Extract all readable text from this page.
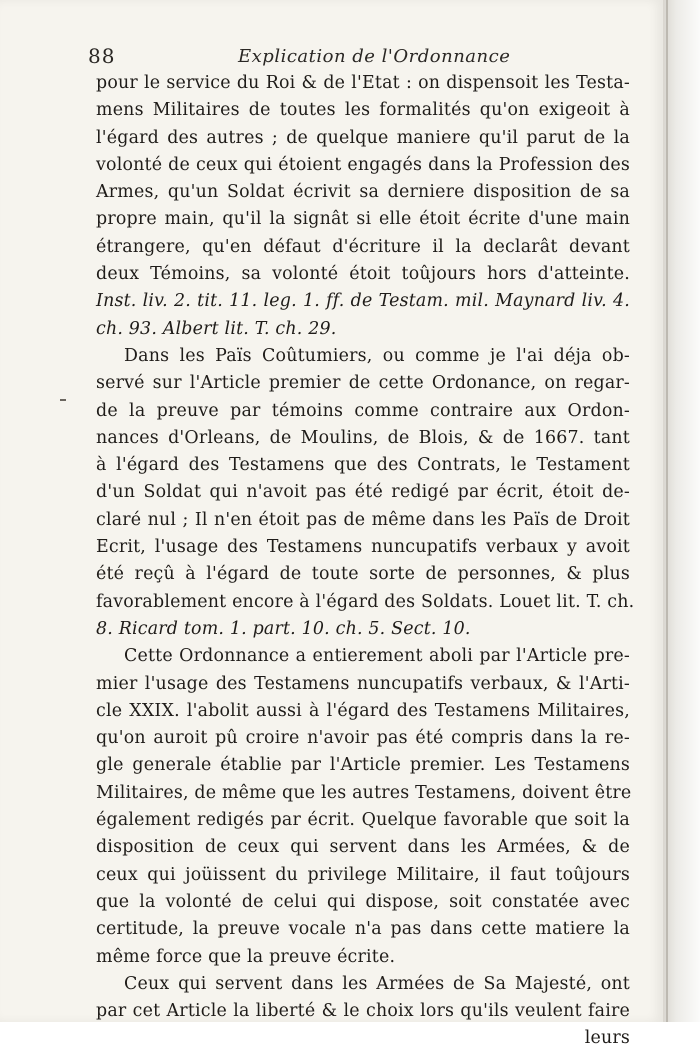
88	Explication de l'Ordonnance
pour le service du Roi & de l'Etat : on dispensoit les Testa-
mens Militaires de toutes les formalités qu'on exigeoit à
l'égard des autres ; de quelque maniere qu'il parut de la
volonté de ceux qui étoient engagés dans la Profession des
Armes, qu'un Soldat écrivit sa derniere disposition de sa
propre main, qu'il la signât si elle étoit écrite d'une main
étrangere, qu'en défaut d'écriture il la declarât devant
deux Témoins, sa volonté étoit toûjours hors d'atteinte.
Inst. liv. 2. tit. 11. leg. 1. ff. de Testam. mil. Maynard liv. 4.
ch. 93. Albert lit. T. ch. 29.
Dans les Païs Coûtumiers, ou comme je l'ai déja ob-
servé sur l'Article premier de cette Ordonance, on regar-
de la preuve par témoins comme contraire aux Ordon-
nances d'Orleans, de Moulins, de Blois, & de 1667. tant
à l'égard des Testamens que des Contrats, le Testament
d'un Soldat qui n'avoit pas été redigé par écrit, étoit de-
claré nul ; Il n'en étoit pas de même dans les Païs de Droit
Ecrit, l'usage des Testamens nuncupatifs verbaux y avoit
été reçû à l'égard de toute sorte de personnes, & plus
favorablement encore à l'égard des Soldats. Louet lit. T. ch.
8. Ricard tom. 1. part. 10. ch. 5. Sect. 10.
Cette Ordonnance a entierement aboli par l'Article pre-
mier l'usage des Testamens nuncupatifs verbaux, & l'Arti-
cle XXIX. l'abolit aussi à l'égard des Testamens Militaires,
qu'on auroit pû croire n'avoir pas été compris dans la re-
gle generale établie par l'Article premier. Les Testamens
Militaires, de même que les autres Testamens, doivent être
également redigés par écrit. Quelque favorable que soit la
disposition de ceux qui servent dans les Armées, & de
ceux qui joüissent du privilege Militaire, il faut toûjours
que la volonté de celui qui dispose, soit constatée avec
certitude, la preuve vocale n'a pas dans cette matiere la
même force que la preuve écrite.
Ceux qui servent dans les Armées de Sa Majesté, ont
par cet Article la liberté & le choix lors qu'ils veulent faire
leurs
